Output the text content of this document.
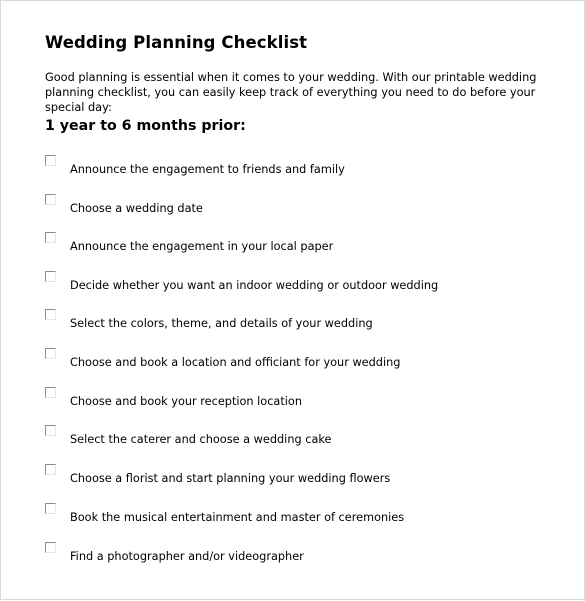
Wedding Planning Checklist

Good planning is essential when it comes to your wedding. With our printable wedding planning checklist, you can easily keep track of everything you need to do before your special day:

1 year to 6 months prior:
Announce the engagement to friends and family
Choose a wedding date
Announce the engagement in your local paper
Decide whether you want an indoor wedding or outdoor wedding
Select the colors, theme, and details of your wedding
Choose and book a location and officiant for your wedding
Choose and book your reception location
Select the caterer and choose a wedding cake
Choose a florist and start planning your wedding flowers
Book the musical entertainment and master of ceremonies
Find a photographer and/or videographer
